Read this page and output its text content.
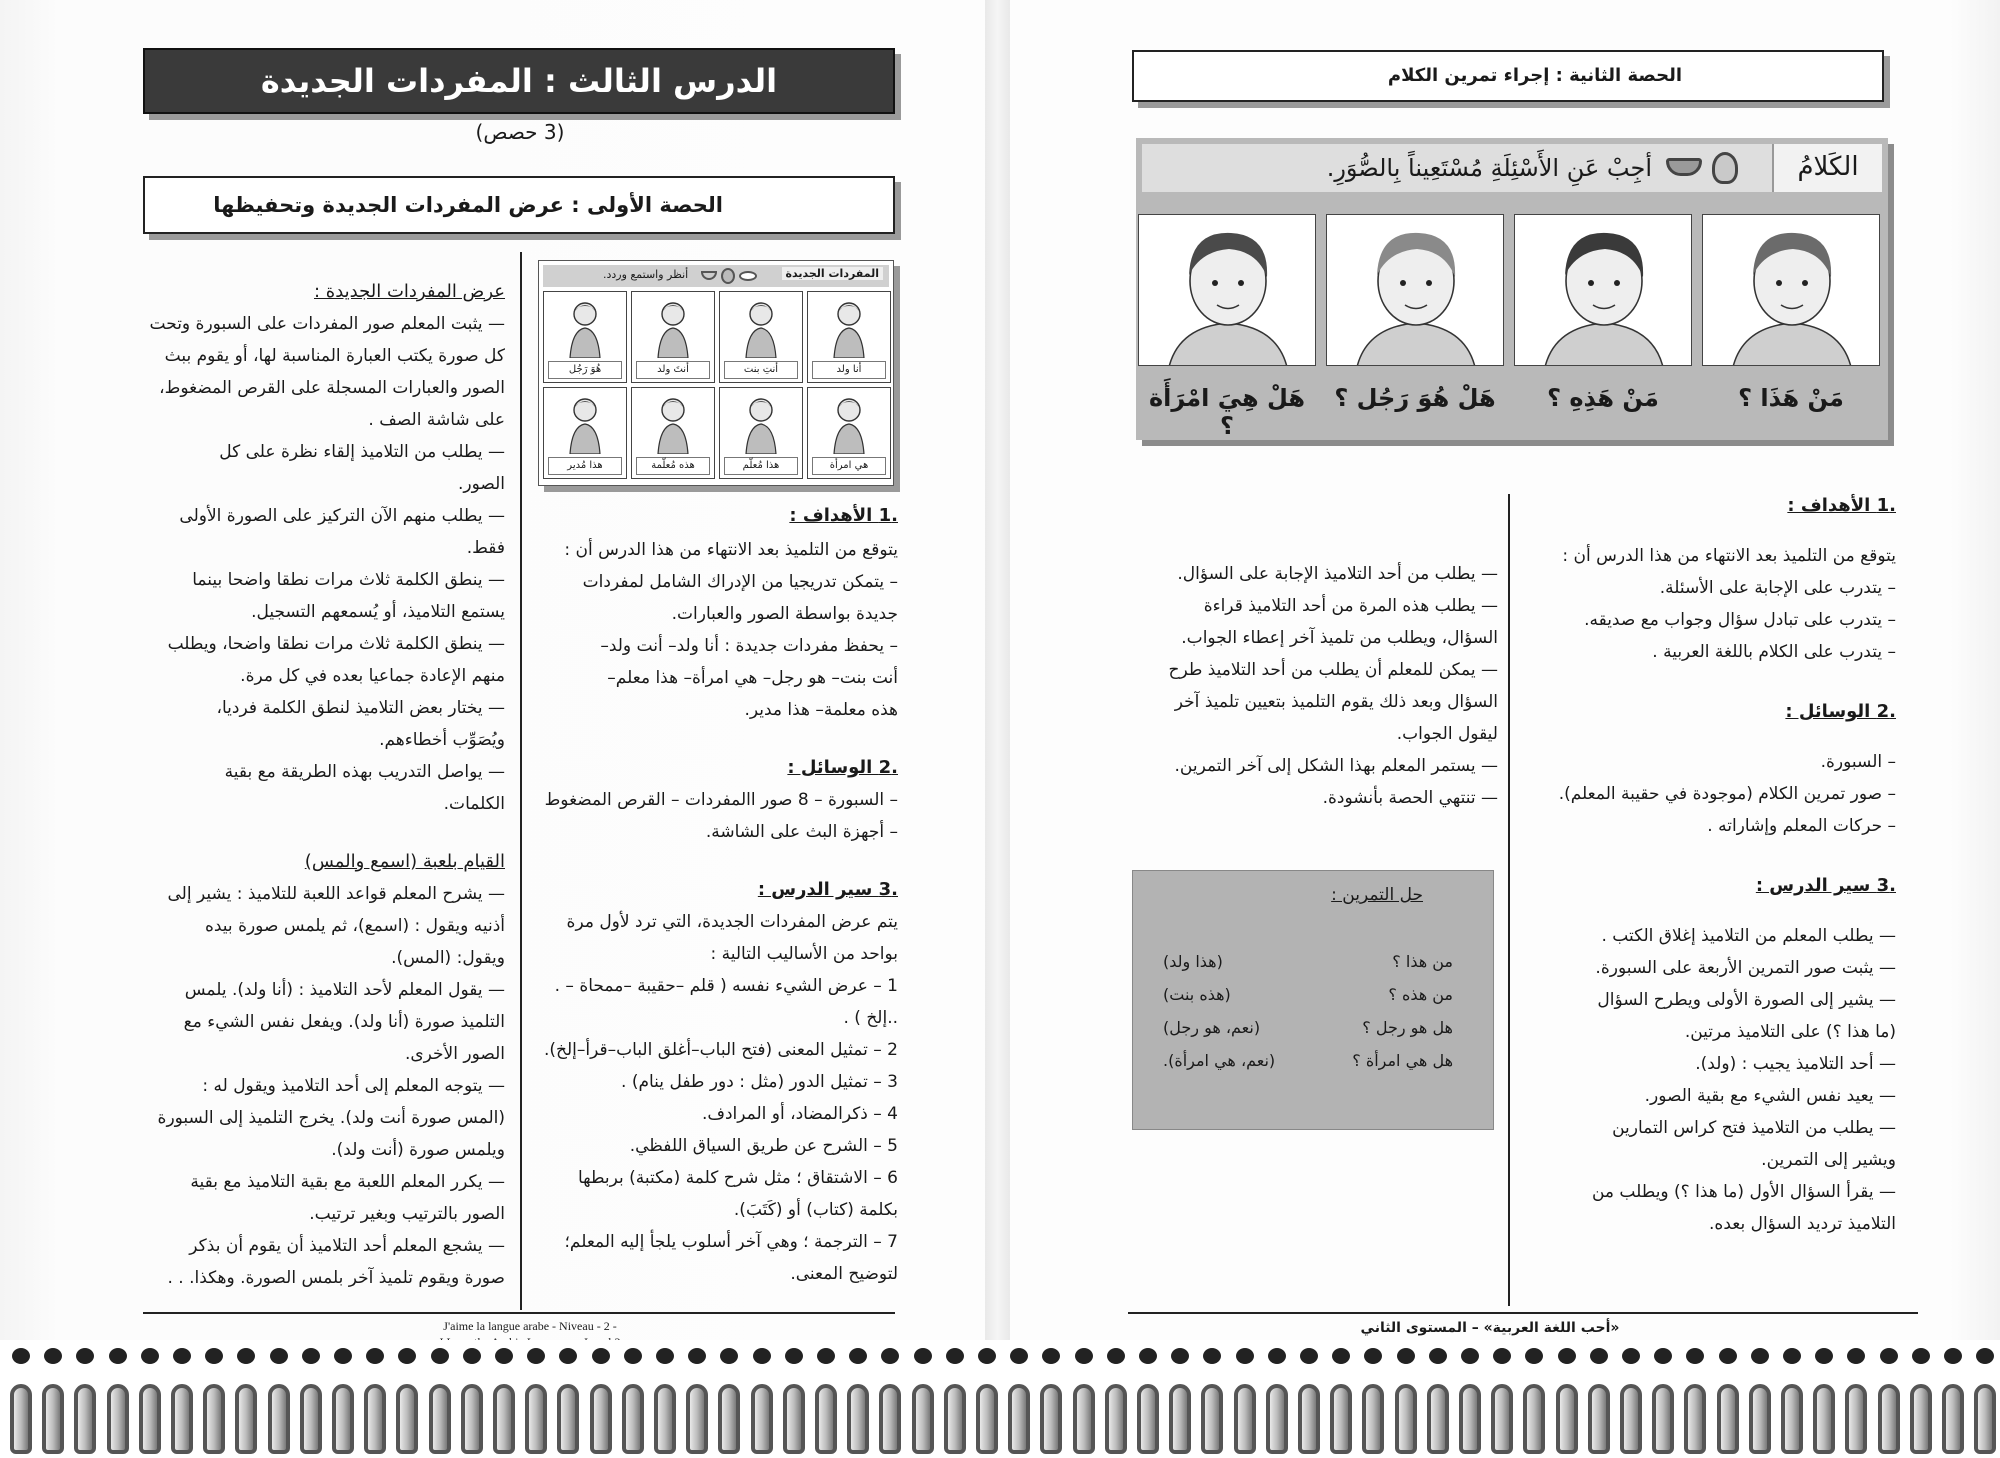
الدرس الثالث : المفردات الجديدة
(3 حصص)
الحصة الأولى : عرض المفردات الجديدة وتحفيظها
المفردات الجديدة
أنظر واستمع وردد.
أنا ولد
أنتِ بنت
أنتَ ولد
هُوَ رَجُل
هي امرأة
هذا مُعلّم
هذه مُعلّمة
هذا مُدير
.1 الأهداف :
يتوقع من التلميذ بعد الانتهاء من هذا الدرس أن :
– يتمكن تدريجيا من الإدراك الشامل لمفردات
جديدة بواسطة الصور والعبارات.
– يحفظ مفردات جديدة : أنا ولد– أنت ولد–
أنت بنت– هو رجل– هي امرأة– هذا معلم–
هذه معلمة– هذا مدير.
.2 الوسائل :
– السبورة – 8 صور االمفردات – القرص المضغوط
– أجهزة البث على الشاشة.
.3 سير الدرس :
يتم عرض المفردات الجديدة، التي ترد لأول مرة
بواحد من الأساليب التالية :
1 – عرض الشيء نفسه ( قلم –حقيبة –ممحاة – .
..إلخ ) .
2 – تمثيل المعنى (فتح الباب–أغلق الباب–قرأ–إلخ).
3 – تمثيل الدور (مثل : دور طفل ينام) .
4 – ذكرالمضاد، أو المرادف.
5 – الشرح عن طريق السياق اللفظي.
6 – الاشتقاق ؛ مثل شرح كلمة (مكتبة) بربطها
بكلمة (كتاب) أو (كَتَبَ).
7 – الترجمة ؛ وهي آخر أسلوب يلجأ إليه المعلم؛
لتوضيح المعنى.
عرض المفردات الجديدة :
— يثبت المعلم صور المفردات على السبورة وتحت
كل صورة يكتب العبارة المناسبة لها، أو يقوم ببث
الصور والعبارات المسجلة على القرص المضغوط،
على شاشة الصف .
— يطلب من التلاميذ إلقاء نظرة على كل
الصور.
— يطلب منهم الآن التركيز على الصورة الأولى
فقط.
— ينطق الكلمة ثلاث مرات نطقا واضحا بينما
يستمع التلاميذ، أو يُسمعهم التسجيل.
— ينطق الكلمة ثلاث مرات نطقا واضحا، ويطلب
منهم الإعادة جماعيا بعده في كل مرة.
— يختار بعض التلاميذ لنطق الكلمة فرديا،
ويُصَوِّب أخطاءهم.
— يواصل التدريب بهذه الطريقة مع بقية
الكلمات.
القيام بلعبة (اسمع والمس)
— يشرح المعلم قواعد اللعبة للتلاميذ : يشير إلى
أذنيه ويقول : (اسمع)، ثم يلمس صورة بيده
ويقول: (المس).
— يقول المعلم لأحد التلاميذ : (أنا ولد). يلمس
التلميذ صورة (أنا ولد). ويفعل نفس الشيء مع
الصور الأخرى.
— يتوجه المعلم إلى أحد التلاميذ ويقول له :
(المس صورة أنت ولد). يخرج التلميذ إلى السبورة
ويلمس صورة (أنت ولد).
— يكرر المعلم اللعبة مع بقية التلاميذ مع بقية
الصور بالترتيب وبغير ترتيب.
— يشجع المعلم أحد التلاميذ أن يقوم أن بذكر
صورة ويقوم تلميذ آخر بلمس الصورة. وهكذا. . .
J'aime la langue arabe - Niveau - 2 -
الحصة الثانية : إجراء تمرين الكلام
الكَلامُ
أجِبْ عَنِ الأَسْئِلَةِ مُسْتَعِيناً بِالصُّوَرِ.
مَنْ هَذَا ؟
مَنْ هَذِهِ ؟
هَلْ هُوَ رَجُل ؟
هَلْ هِيَ امْرَأَة ؟
.1 الأهداف :
يتوقع من التلميذ بعد الانتهاء من هذا الدرس أن :
– يتدرب على الإجابة على الأسئلة.
– يتدرب على تبادل سؤال وجواب مع صديقه.
– يتدرب على الكلام باللغة العربية .
.2 الوسائل :
– السبورة.
– صور تمرين الكلام (موجودة في حقيبة المعلم).
– حركات المعلم وإشاراته .
.3 سير الدرس :
— يطلب المعلم من التلاميذ إغلاق الكتب .
— يثبت صور التمرين الأربعة على السبورة.
— يشير إلى الصورة الأولى ويطرح السؤال
(ما هذا ؟) على التلاميذ مرتين.
— أحد التلاميذ يجيب : (ولد).
— يعيد نفس الشيء مع بقية الصور.
— يطلب من التلاميذ فتح كراس التمارين
ويشير إلى التمرين.
— يقرأ السؤال الأول (ما هذا ؟) ويطلب من
التلاميذ ترديد السؤال بعده.
— يطلب من أحد التلاميذ الإجابة على السؤال.
— يطلب هذه المرة من أحد التلاميذ قراءة
السؤال، ويطلب من تلميذ آخر إعطاء الجواب.
— يمكن للمعلم أن يطلب من أحد التلاميذ طرح
السؤال وبعد ذلك يقوم التلميذ بتعيين تلميذ آخر
ليقول الجواب.
— يستمر المعلم بهذا الشكل إلى آخر التمرين.
— تنتهي الحصة بأنشودة.
حل التمرين :
من هذا ؟
(هذا ولد)
من هذه ؟
(هذه بنت)
هل هو رجل ؟
(نعم، هو رجل)
هل هي امرأة ؟
(نعم، هي امرأة).
«أحب اللغة العربية» – المستوى الثاني
